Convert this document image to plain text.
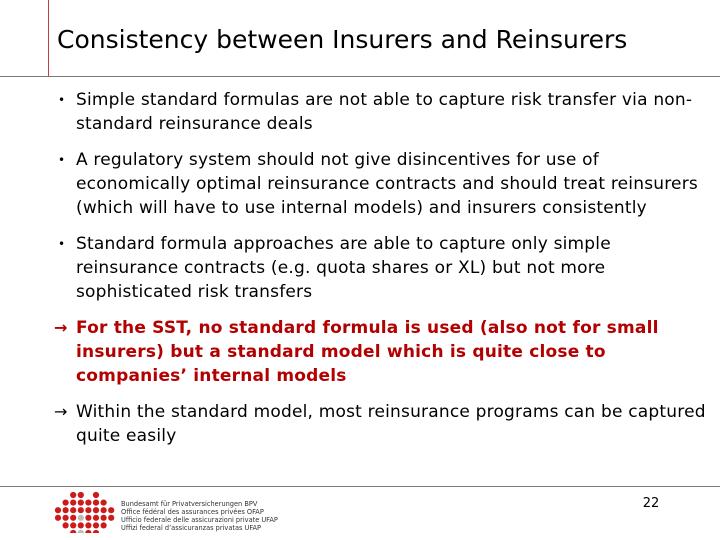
Consistency between Insurers and Reinsurers
• Simple standard formulas are not able to capture risk transfer via non-standard reinsurance deals
• A regulatory system should not give disincentives for use of economically optimal reinsurance contracts and should treat reinsurers (which will have to use internal models) and insurers consistently
• Standard formula approaches are able to capture only simple reinsurance contracts (e.g. quota shares or XL) but not more sophisticated risk transfers
→ For the SST, no standard formula is used (also not for small insurers) but a standard model which is quite close to companies’ internal models
→ Within the standard model, most reinsurance programs can be captured quite easily
Bundesamt für Privatversicherungen BPV
Office fédéral des assurances privées OFAP
Ufficio federale delle assicurazioni private UFAP
Uffizi federal d’assicuranzas privatas UFAP
22
